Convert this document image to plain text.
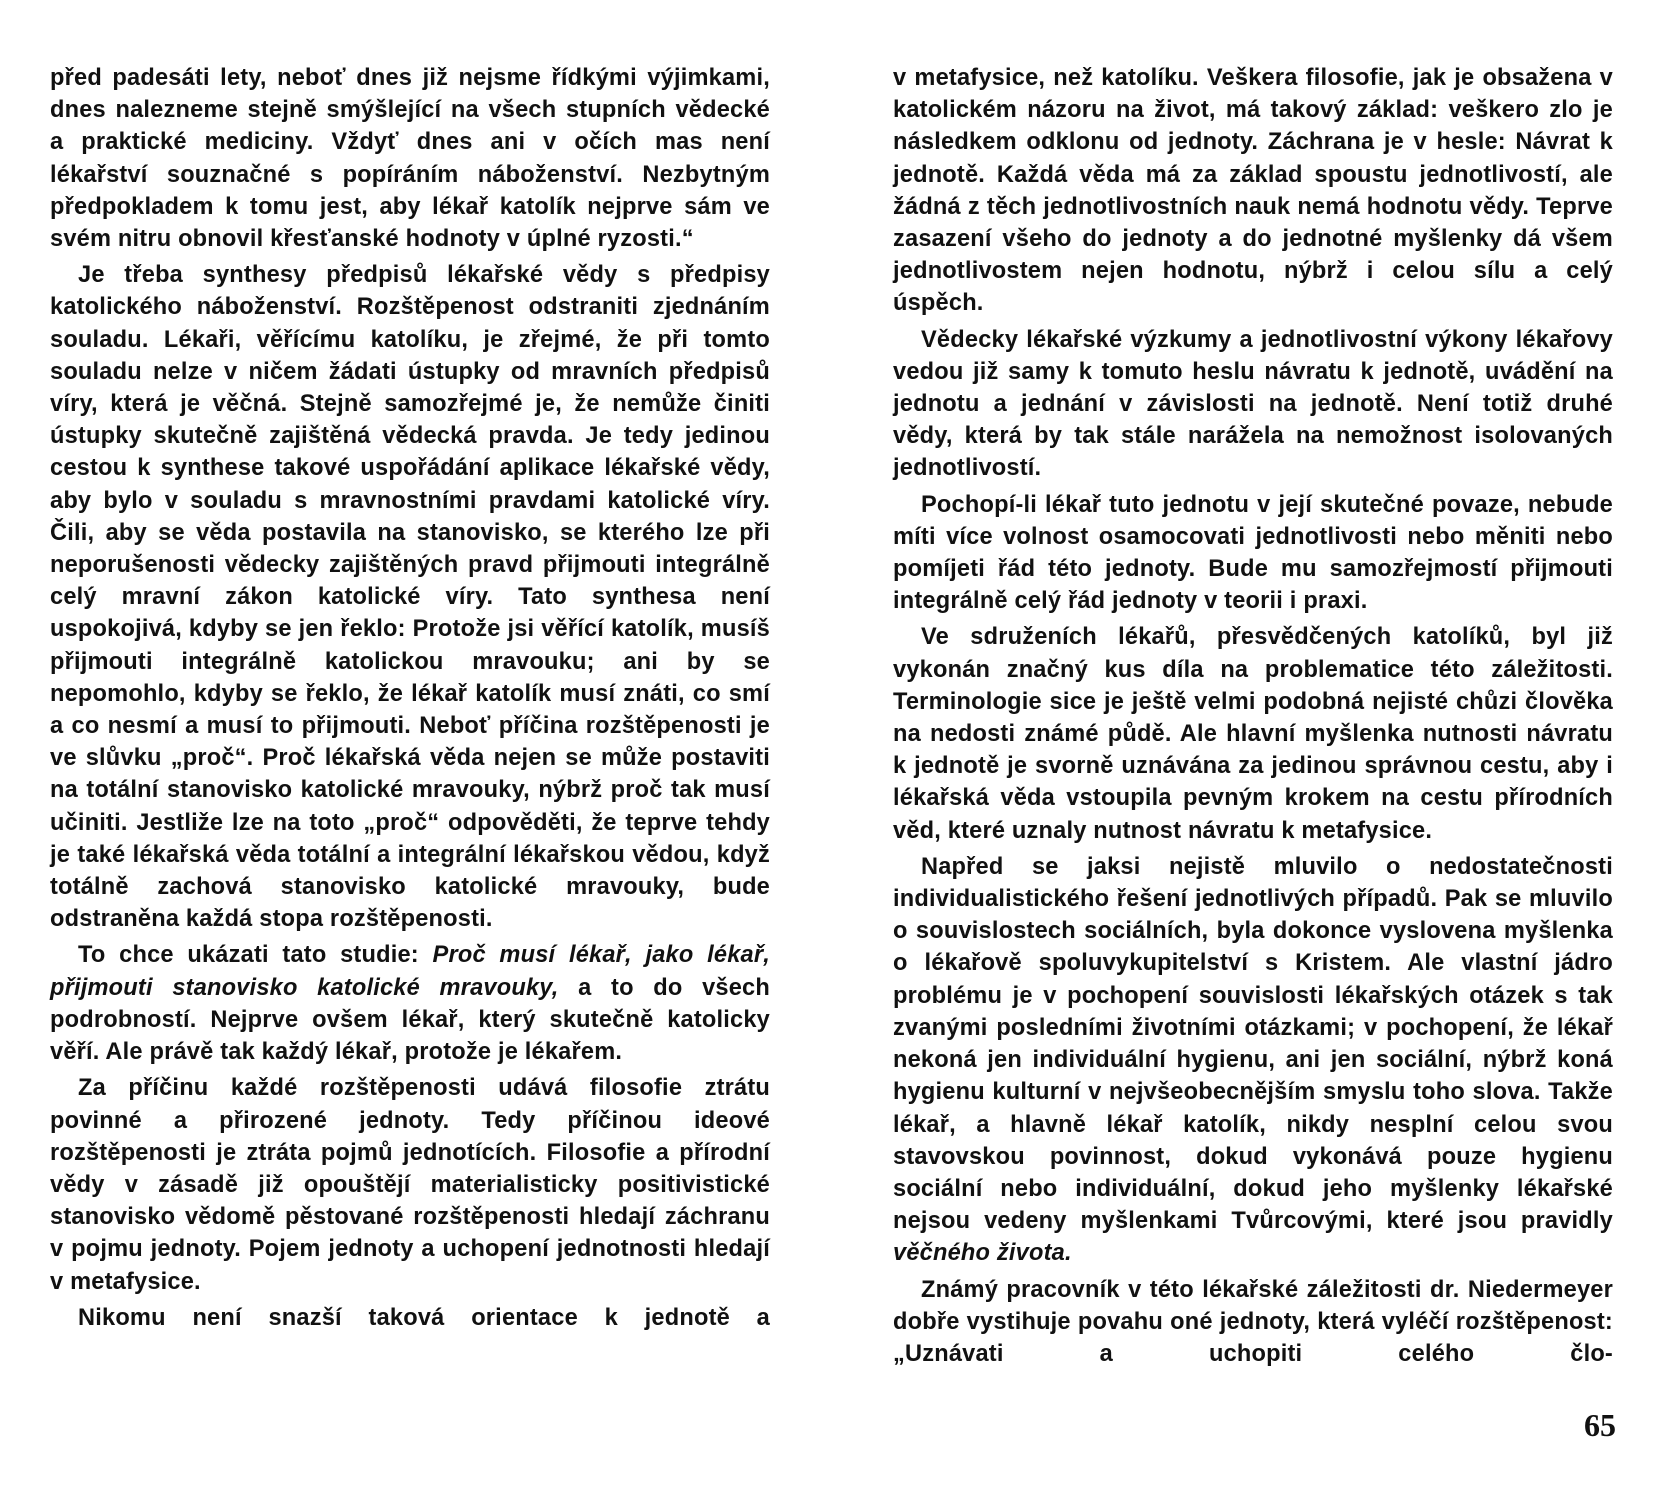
před padesáti lety, neboť dnes již nejsme řídkými výjimkami, dnes nalezneme stejně smýšlející na všech stupních vědecké a praktické mediciny. Vždyť dnes ani v očích mas není lékařství souznačné s popíráním náboženství. Nezbytným předpokladem k tomu jest, aby lékař katolík nejprve sám ve svém nitru obnovil křesťanské hodnoty v úplné ryzosti.“

Je třeba synthesy předpisů lékařské vědy s předpisy katolického náboženství. Rozštěpenost odstraniti zjednáním souladu. Lékaři, věřícímu katolíku, je zřejmé, že při tomto souladu nelze v ničem žádati ústupky od mravních předpisů víry, která je věčná. Stejně samozřejmé je, že nemůže činiti ústupky skutečně zajištěná vědecká pravda. Je tedy jedinou cestou k synthese takové uspořádání aplikace lékařské vědy, aby bylo v souladu s mravnostními pravdami katolické víry. Čili, aby se věda postavila na stanovisko, se kterého lze při neporušenosti vědecky zajištěných pravd přijmouti integrálně celý mravní zákon katolické víry. Tato synthesa není uspokojivá, kdyby se jen řeklo: Protože jsi věřící katolík, musíš přijmouti integrálně katolickou mravouku; ani by se nepomohlo, kdyby se řeklo, že lékař katolík musí znáti, co smí a co nesmí a musí to přijmouti. Neboť příčina rozštěpenosti je ve slůvku „proč“. Proč lékařská věda nejen se může postaviti na totální stanovisko katolické mravouky, nýbrž proč tak musí učiniti. Jestliže lze na toto „proč“ odpověděti, že teprve tehdy je také lékařská věda totální a integrální lékařskou vědou, když totálně zachová stanovisko katolické mravouky, bude odstraněna každá stopa rozštěpenosti.

To chce ukázati tato studie: Proč musí lékař, jako lékař, přijmouti stanovisko katolické mravouky, a to do všech podrobností. Nejprve ovšem lékař, který skutečně katolicky věří. Ale právě tak každý lékař, protože je lékařem.

Za příčinu každé rozštěpenosti udává filosofie ztrátu povinné a přirozené jednoty. Tedy příčinou ideové rozštěpenosti je ztráta pojmů jednotících. Filosofie a přírodní vědy v zásadě již opouštějí materialisticky positivistické stanovisko vědomě pěstované rozštěpenosti hledají záchranu v pojmu jednoty. Pojem jednoty a uchopení jednotnosti hledají v metafysice.

Nikomu není snazší taková orientace k jednotě a

v metafysice, než katolíku. Veškera filosofie, jak je obsažena v katolickém názoru na život, má takový základ: veškero zlo je následkem odklonu od jednoty. Záchrana je v hesle: Návrat k jednotě. Každá věda má za základ spoustu jednotlivostí, ale žádná z těch jednotlivostních nauk nemá hodnotu vědy. Teprve zasazení všeho do jednoty a do jednotné myšlenky dá všem jednotlivostem nejen hodnotu, nýbrž i celou sílu a celý úspěch.

Vědecky lékařské výzkumy a jednotlivostní výkony lékařovy vedou již samy k tomuto heslu návratu k jednotě, uvádění na jednotu a jednání v závislosti na jednotě. Není totiž druhé vědy, která by tak stále narážela na nemožnost isolovaných jednotlivostí.

Pochopí-li lékař tuto jednotu v její skutečné povaze, nebude míti více volnost osamocovati jednotlivosti nebo měniti nebo pomíjeti řád této jednoty. Bude mu samozřejmostí přijmouti integrálně celý řád jednoty v teorii i praxi.

Ve sdruženích lékařů, přesvědčených katolíků, byl již vykonán značný kus díla na problematice této záležitosti. Terminologie sice je ještě velmi podobná nejisté chůzi člověka na nedosti známé půdě. Ale hlavní myšlenka nutnosti návratu k jednotě je svorně uznávána za jedinou správnou cestu, aby i lékařská věda vstoupila pevným krokem na cestu přírodních věd, které uznaly nutnost návratu k metafysice.

Napřed se jaksi nejistě mluvilo o nedostatečnosti individualistického řešení jednotlivých případů. Pak se mluvilo o souvislostech sociálních, byla dokonce vyslovena myšlenka o lékařově spoluvykupitelství s Kristem. Ale vlastní jádro problému je v pochopení souvislosti lékařských otázek s tak zvanými posledními životními otázkami; v pochopení, že lékař nekoná jen individuální hygienu, ani jen sociální, nýbrž koná hygienu kulturní v nejvšeobecnějším smyslu toho slova. Takže lékař, a hlavně lékař katolík, nikdy nesplní celou svou stavovskou povinnost, dokud vykonává pouze hygienu sociální nebo individuální, dokud jeho myšlenky lékařské nejsou vedeny myšlenkami Tvůrcovými, které jsou pravidly věčného života.

Známý pracovník v této lékařské záležitosti dr. Niedermeyer dobře vystihuje povahu oné jednoty, která vyléčí rozštěpenost: „Uznávati a uchopiti celého člo-

65
